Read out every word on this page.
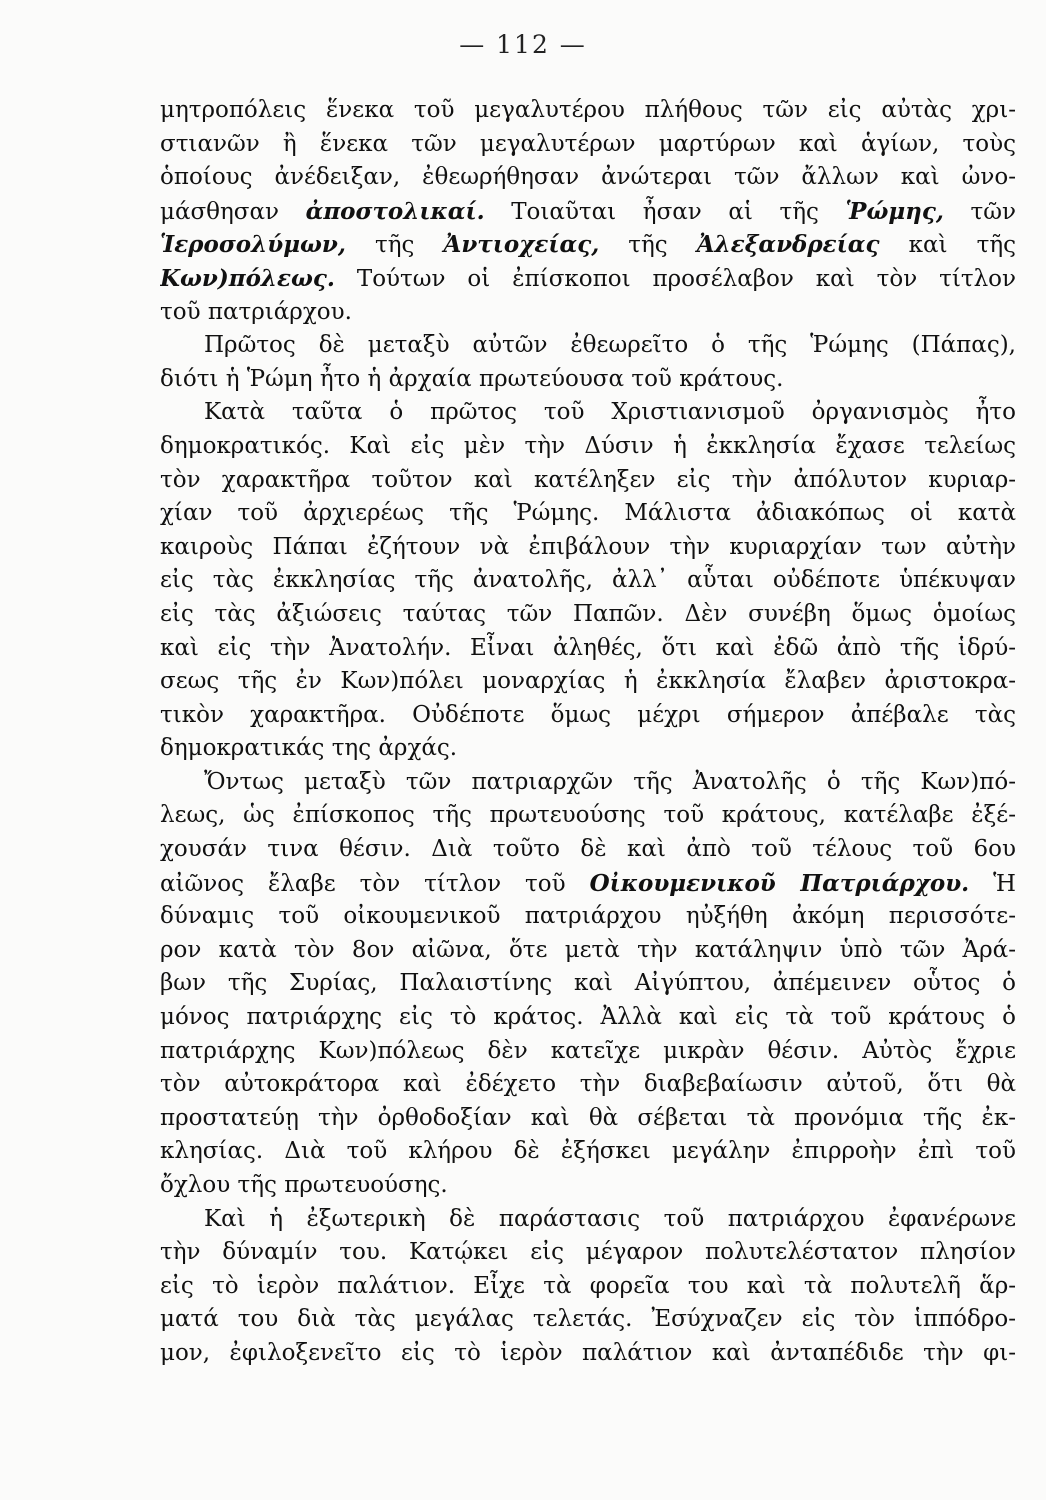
— 112 —
μητροπόλεις ἕνεκα τοῦ μεγαλυτέρου πλήθους τῶν εἰς αὐτὰς χρι-
στιανῶν ἢ ἕνεκα τῶν μεγαλυτέρων μαρτύρων καὶ ἁγίων, τοὺς
ὁποίους ἀνέδειξαν, ἐθεωρήθησαν ἀνώτεραι τῶν ἄλλων καὶ ὠνο-
μάσθησαν ἀποστολικαί. Τοιαῦται ἦσαν αἱ τῆς Ῥώμης, τῶν
Ἱεροσολύμων, τῆς Ἀντιοχείας, τῆς Ἀλεξανδρείας καὶ τῆς
Κων)πόλεως. Τούτων οἱ ἐπίσκοποι προσέλαβον καὶ τὸν τίτλον
τοῦ πατριάρχου.
Πρῶτος δὲ μεταξὺ αὐτῶν ἐθεωρεῖτο ὁ τῆς Ῥώμης (Πάπας),
διότι ἡ Ῥώμη ἦτο ἡ ἀρχαία πρωτεύουσα τοῦ κράτους.
Κατὰ ταῦτα ὁ πρῶτος τοῦ Χριστιανισμοῦ ὀργανισμὸς ἦτο
δημοκρατικός. Καὶ εἰς μὲν τὴν Δύσιν ἡ ἐκκλησία ἔχασε τελείως
τὸν χαρακτῆρα τοῦτον καὶ κατέληξεν εἰς τὴν ἀπόλυτον κυριαρ-
χίαν τοῦ ἀρχιερέως τῆς Ῥώμης. Μάλιστα ἀδιακόπως οἱ κατὰ
καιροὺς Πάπαι ἐζήτουν νὰ ἐπιβάλουν τὴν κυριαρχίαν των αὐτὴν
εἰς τὰς ἐκκλησίας τῆς ἀνατολῆς, ἀλλ᾽ αὗται οὐδέποτε ὑπέκυψαν
εἰς τὰς ἀξιώσεις ταύτας τῶν Παπῶν. Δὲν συνέβη ὅμως ὁμοίως
καὶ εἰς τὴν Ἀνατολήν. Εἶναι ἀληθές, ὅτι καὶ ἐδῶ ἀπὸ τῆς ἱδρύ-
σεως τῆς ἐν Κων)πόλει μοναρχίας ἡ ἐκκλησία ἔλαβεν ἀριστοκρα-
τικὸν χαρακτῆρα. Οὐδέποτε ὅμως μέχρι σήμερον ἀπέβαλε τὰς
δημοκρατικάς της ἀρχάς.
Ὄντως μεταξὺ τῶν πατριαρχῶν τῆς Ἀνατολῆς ὁ τῆς Κων)πό-
λεως, ὡς ἐπίσκοπος τῆς πρωτευούσης τοῦ κράτους, κατέλαβε ἐξέ-
χουσάν τινα θέσιν. Διὰ τοῦτο δὲ καὶ ἀπὸ τοῦ τέλους τοῦ 6ου
αἰῶνος ἔλαβε τὸν τίτλον τοῦ Οἰκουμενικοῦ Πατριάρχου. Ἡ
δύναμις τοῦ οἰκουμενικοῦ πατριάρχου ηὐξήθη ἀκόμη περισσότε-
ρον κατὰ τὸν 8ον αἰῶνα, ὅτε μετὰ τὴν κατάληψιν ὑπὸ τῶν Ἀρά-
βων τῆς Συρίας, Παλαιστίνης καὶ Αἰγύπτου, ἀπέμεινεν οὗτος ὁ
μόνος πατριάρχης εἰς τὸ κράτος. Ἀλλὰ καὶ εἰς τὰ τοῦ κράτους ὁ
πατριάρχης Κων)πόλεως δὲν κατεῖχε μικρὰν θέσιν. Αὐτὸς ἔχριε
τὸν αὐτοκράτορα καὶ ἐδέχετο τὴν διαβεβαίωσιν αὐτοῦ, ὅτι θὰ
προστατεύῃ τὴν ὀρθοδοξίαν καὶ θὰ σέβεται τὰ προνόμια τῆς ἐκ-
κλησίας. Διὰ τοῦ κλήρου δὲ ἐξήσκει μεγάλην ἐπιρροὴν ἐπὶ τοῦ
ὄχλου τῆς πρωτευούσης.
Καὶ ἡ ἐξωτερικὴ δὲ παράστασις τοῦ πατριάρχου ἐφανέρωνε
τὴν δύναμίν του. Κατῴκει εἰς μέγαρον πολυτελέστατον πλησίον
εἰς τὸ ἱερὸν παλάτιον. Εἶχε τὰ φορεῖα του καὶ τὰ πολυτελῆ ἅρ-
ματά του διὰ τὰς μεγάλας τελετάς. Ἐσύχναζεν εἰς τὸν ἱππόδρο-
μον, ἐφιλοξενεῖτο εἰς τὸ ἱερὸν παλάτιον καὶ ἀνταπέδιδε τὴν φι-
